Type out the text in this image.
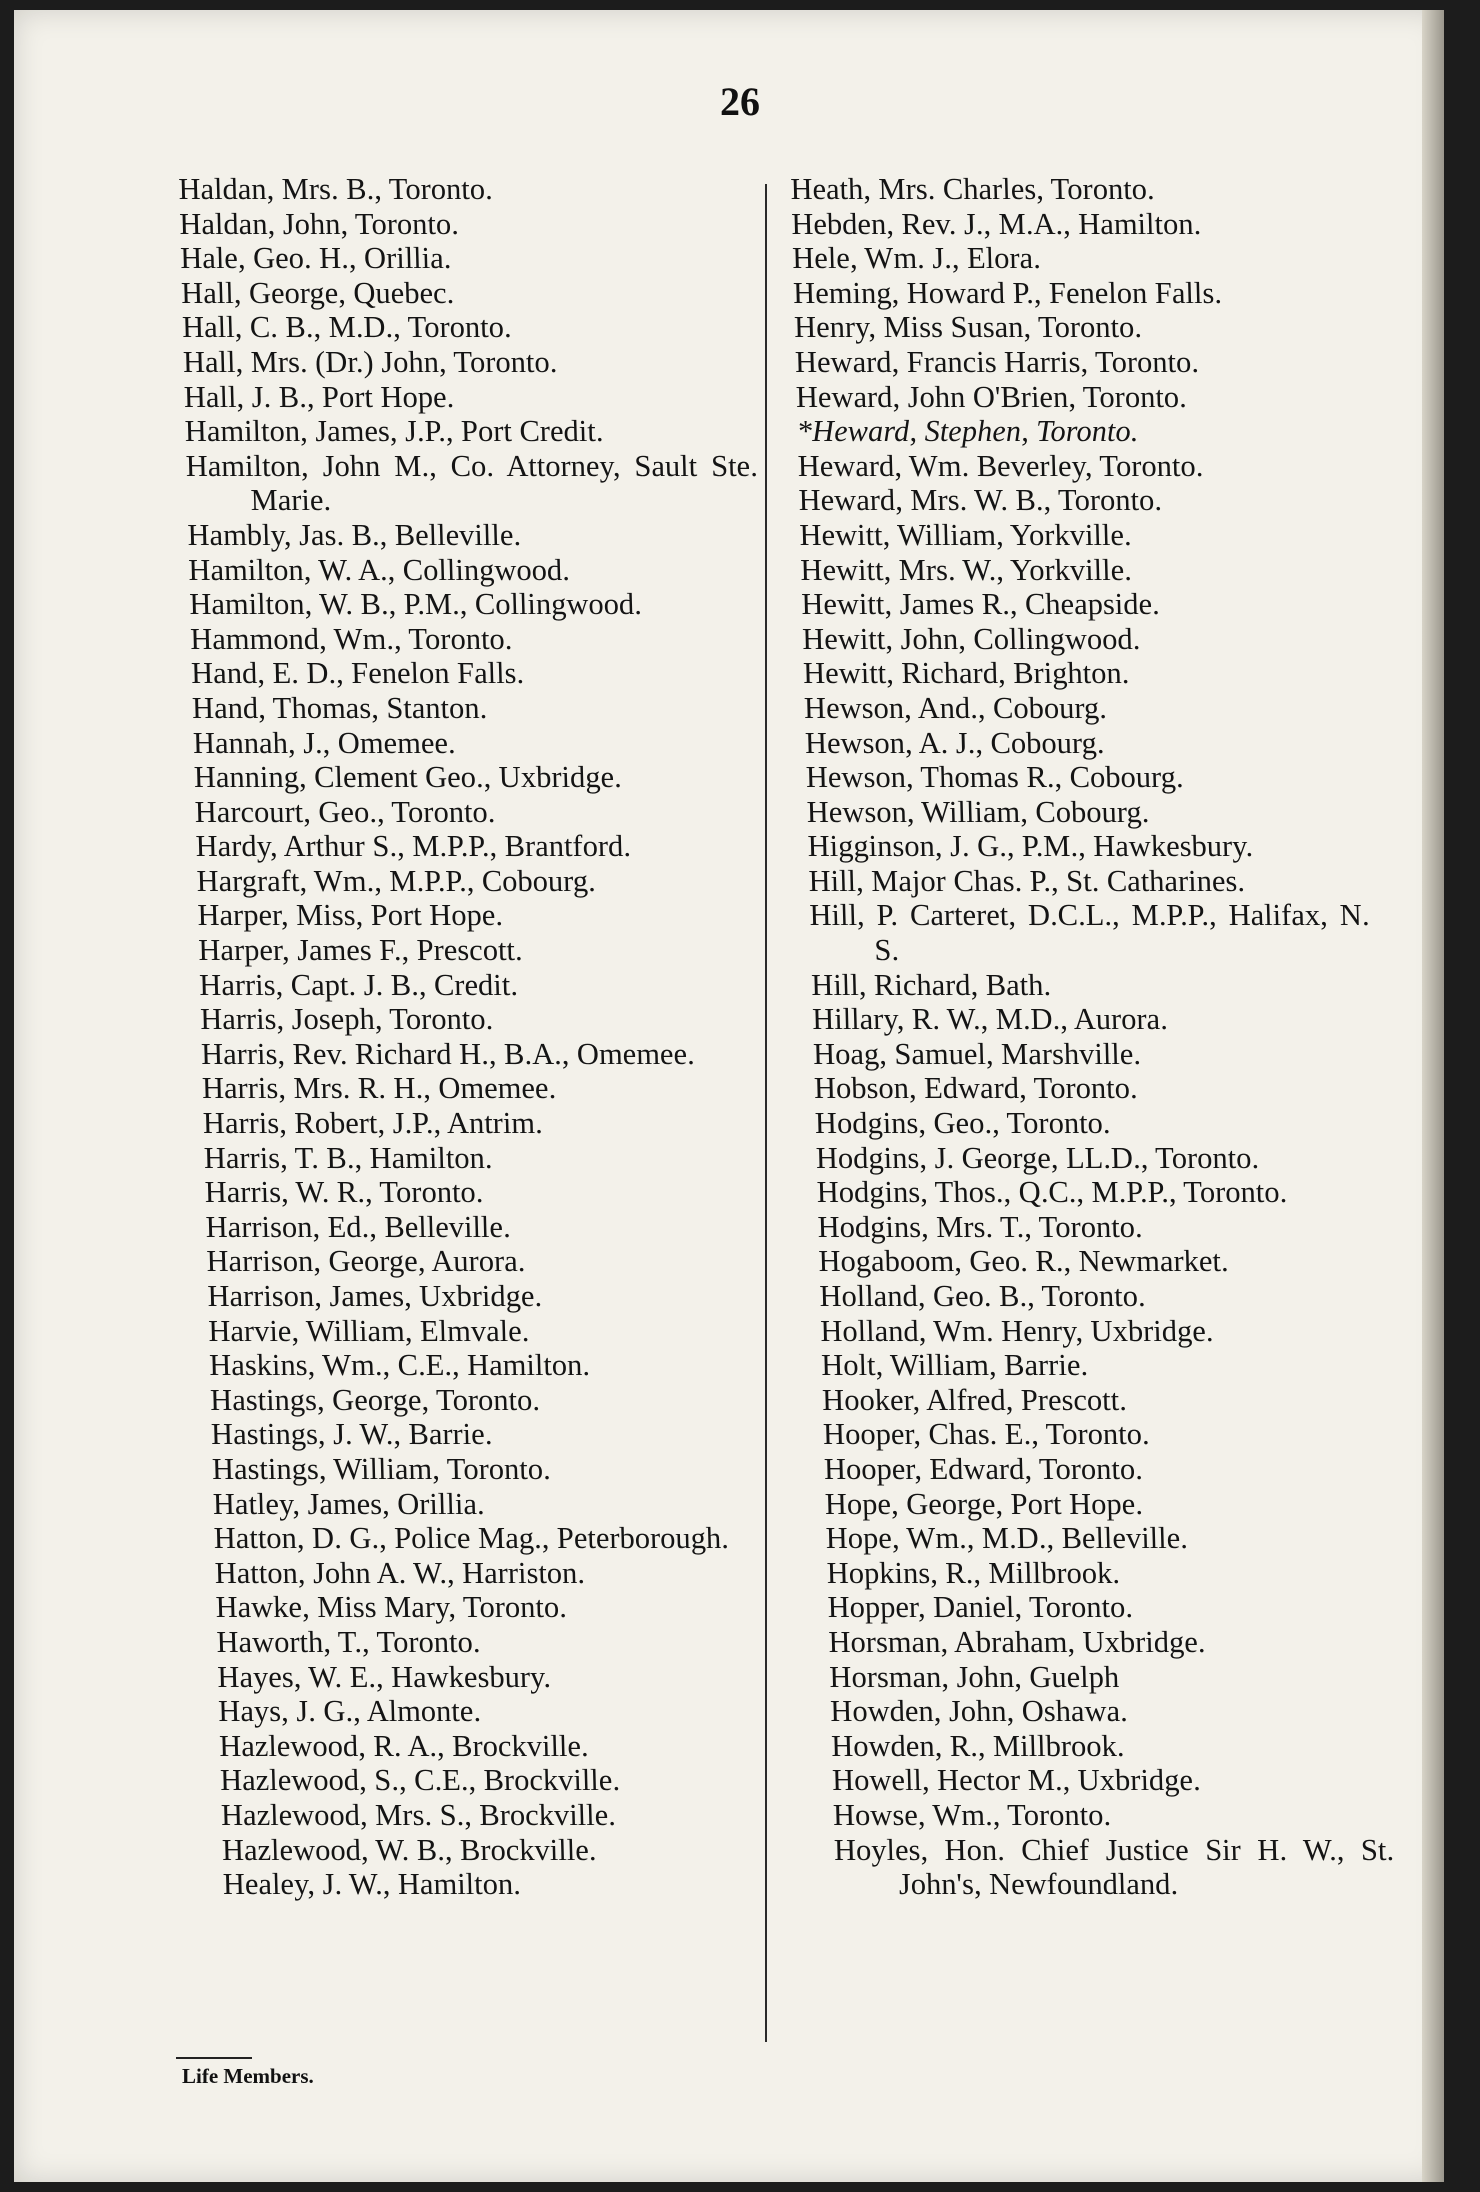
26
Haldan, Mrs. B., Toronto.
Haldan, John, Toronto.
Hale, Geo. H., Orillia.
Hall, George, Quebec.
Hall, C. B., M.D., Toronto.
Hall, Mrs. (Dr.) John, Toronto.
Hall, J. B., Port Hope.
Hamilton, James, J.P., Port Credit.
Hamilton, John M., Co. Attorney, Sault Ste. Marie.
Hambly, Jas. B., Belleville.
Hamilton, W. A., Collingwood.
Hamilton, W. B., P.M., Collingwood.
Hammond, Wm., Toronto.
Hand, E. D., Fenelon Falls.
Hand, Thomas, Stanton.
Hannah, J., Omemee.
Hanning, Clement Geo., Uxbridge.
Harcourt, Geo., Toronto.
Hardy, Arthur S., M.P.P., Brantford.
Hargraft, Wm., M.P.P., Cobourg.
Harper, Miss, Port Hope.
Harper, James F., Prescott.
Harris, Capt. J. B., Credit.
Harris, Joseph, Toronto.
Harris, Rev. Richard H., B.A., Omemee.
Harris, Mrs. R. H., Omemee.
Harris, Robert, J.P., Antrim.
Harris, T. B., Hamilton.
Harris, W. R., Toronto.
Harrison, Ed., Belleville.
Harrison, George, Aurora.
Harrison, James, Uxbridge.
Harvie, William, Elmvale.
Haskins, Wm., C.E., Hamilton.
Hastings, George, Toronto.
Hastings, J. W., Barrie.
Hastings, William, Toronto.
Hatley, James, Orillia.
Hatton, D. G., Police Mag., Peterborough.
Hatton, John A. W., Harriston.
Hawke, Miss Mary, Toronto.
Haworth, T., Toronto.
Hayes, W. E., Hawkesbury.
Hays, J. G., Almonte.
Hazlewood, R. A., Brockville.
Hazlewood, S., C.E., Brockville.
Hazlewood, Mrs. S., Brockville.
Hazlewood, W. B., Brockville.
Healey, J. W., Hamilton.
Heath, Mrs. Charles, Toronto.
Hebden, Rev. J., M.A., Hamilton.
Hele, Wm. J., Elora.
Heming, Howard P., Fenelon Falls.
Henry, Miss Susan, Toronto.
Heward, Francis Harris, Toronto.
Heward, John O'Brien, Toronto.
*Heward, Stephen, Toronto.
Heward, Wm. Beverley, Toronto.
Heward, Mrs. W. B., Toronto.
Hewitt, William, Yorkville.
Hewitt, Mrs. W., Yorkville.
Hewitt, James R., Cheapside.
Hewitt, John, Collingwood.
Hewitt, Richard, Brighton.
Hewson, And., Cobourg.
Hewson, A. J., Cobourg.
Hewson, Thomas R., Cobourg.
Hewson, William, Cobourg.
Higginson, J. G., P.M., Hawkesbury.
Hill, Major Chas. P., St. Catharines.
Hill, P. Carteret, D.C.L., M.P.P., Halifax, N. S.
Hill, Richard, Bath.
Hillary, R. W., M.D., Aurora.
Hoag, Samuel, Marshville.
Hobson, Edward, Toronto.
Hodgins, Geo., Toronto.
Hodgins, J. George, LL.D., Toronto.
Hodgins, Thos., Q.C., M.P.P., Toronto.
Hodgins, Mrs. T., Toronto.
Hogaboom, Geo. R., Newmarket.
Holland, Geo. B., Toronto.
Holland, Wm. Henry, Uxbridge.
Holt, William, Barrie.
Hooker, Alfred, Prescott.
Hooper, Chas. E., Toronto.
Hooper, Edward, Toronto.
Hope, George, Port Hope.
Hope, Wm., M.D., Belleville.
Hopkins, R., Millbrook.
Hopper, Daniel, Toronto.
Horsman, Abraham, Uxbridge.
Horsman, John, Guelph
Howden, John, Oshawa.
Howden, R., Millbrook.
Howell, Hector M., Uxbridge.
Howse, Wm., Toronto.
Hoyles, Hon. Chief Justice Sir H. W., St. John's, Newfoundland.
Life Members.
